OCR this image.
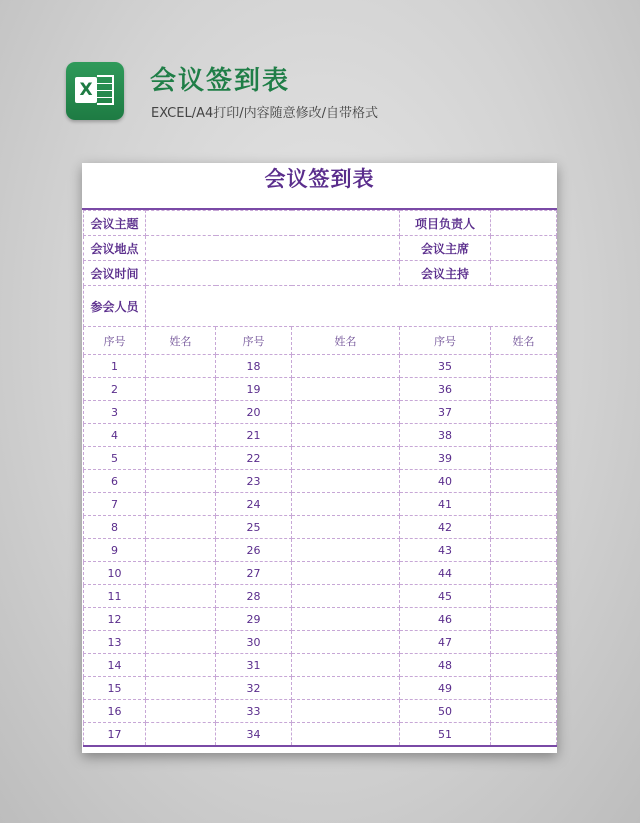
X 会议签到表
EXCEL/A4打印/内容随意修改/自带格式
会议签到表
会议主题				项目负责人	
会议地点				会议主席	
会议时间				会议主持	
参会人员					
序号	姓名	序号	姓名	序号	姓名
1		18		35	
2		19		36	
3		20		37	
4		21		38	
5		22		39	
6		23		40	
7		24		41	
8		25		42	
9		26		43	
10		27		44	
11		28		45	
12		29		46	
13		30		47	
14		31		48	
15		32		49	
16		33		50	
17		34		51	
